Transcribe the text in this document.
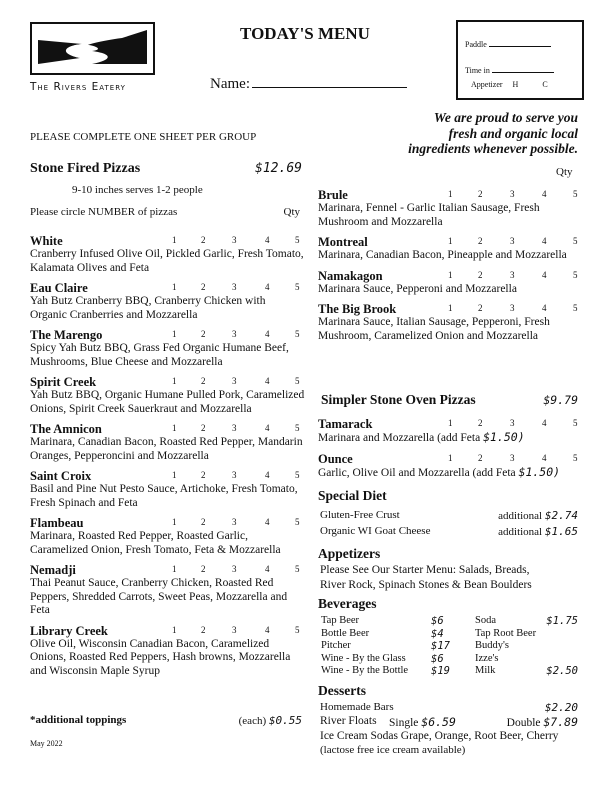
The Rivers Eatery
TODAY'S MENU
Name:
Paddle
Time in
Appetizer H	C
We are proud to serve you
fresh and organic local
ingredients whenever possible.
PLEASE COMPLETE ONE SHEET PER GROUP
Stone Fired Pizzas	$12.69
9-10 inches serves 1-2 people
Please circle NUMBER of pizzas	Qty
Qty
White	1	2	3	4	5
Cranberry Infused Olive Oil, Pickled Garlic, Fresh Tomato, Kalamata Olives and Feta
Eau Claire	1	2	3	4	5
Yah Butz Cranberry BBQ, Cranberry Chicken with Organic Cranberries and Mozzarella
The Marengo	1	2	3	4	5
Spicy Yah Butz BBQ, Grass Fed Organic Humane Beef, Mushrooms, Blue Cheese and Mozzarella
Spirit Creek	1	2	3	4	5
Yah Butz BBQ, Organic Humane Pulled Pork, Caramelized Onions, Spirit Creek Sauerkraut and Mozzarella
The Amnicon	1	2	3	4	5
Marinara, Canadian Bacon, Roasted Red Pepper, Mandarin Oranges, Pepperoncini and Mozzarella
Saint Croix	1	2	3	4	5
Basil and Pine Nut Pesto Sauce, Artichoke, Fresh Tomato, Fresh Spinach and Feta
Flambeau	1	2	3	4	5
Marinara, Roasted Red Pepper, Roasted Garlic, Caramelized Onion, Fresh Tomato, Feta & Mozzarella
Nemadji	1	2	3	4	5
Thai Peanut Sauce, Cranberry Chicken, Roasted Red Peppers, Shredded Carrots, Sweet Peas, Mozzarella and Feta
Library Creek	1	2	3	4	5
Olive Oil, Wisconsin Canadian Bacon, Caramelized Onions, Roasted Red Peppers, Hash browns, Mozzarella and Wisconsin Maple Syrup
Brule	1	2	3	4	5
Marinara, Fennel - Garlic Italian Sausage, Fresh Mushroom and Mozzarella
Montreal	1	2	3	4	5
Marinara, Canadian Bacon, Pineapple and Mozzarella
Namakagon	1	2	3	4	5
Marinara Sauce, Pepperoni and Mozzarella
The Big Brook	1	2	3	4	5
Marinara Sauce, Italian Sausage, Pepperoni, Fresh Mushroom, Caramelized Onion and Mozzarella
*additional toppings	(each) $0.55
May 2022
Simpler Stone Oven Pizzas	$9.79
Tamarack	1	2	3	4	5
Marinara and Mozzarella (add Feta $1.50)
Ounce	1	2	3	4	5
Garlic, Olive Oil and Mozzarella (add Feta $1.50)
Special Diet
Gluten-Free Crust	additional $2.74
Organic WI Goat Cheese	additional $1.65
Appetizers
Please See Our Starter Menu: Salads, Breads, River Rock, Spinach Stones & Bean Boulders
Beverages
Tap Beer	$6
Bottle Beer	$4
Pitcher	$17
Wine - By the Glass $6
Wine - By the Bottle $19
Soda	$1.75
Tap Root Beer
Buddy's
Izze's
Milk	$2.50
Desserts
Homemade Bars	$2.20
River Floats Single $6.59	Double $7.89
Ice Cream Sodas Grape, Orange, Root Beer, Cherry
(lactose free ice cream available)
